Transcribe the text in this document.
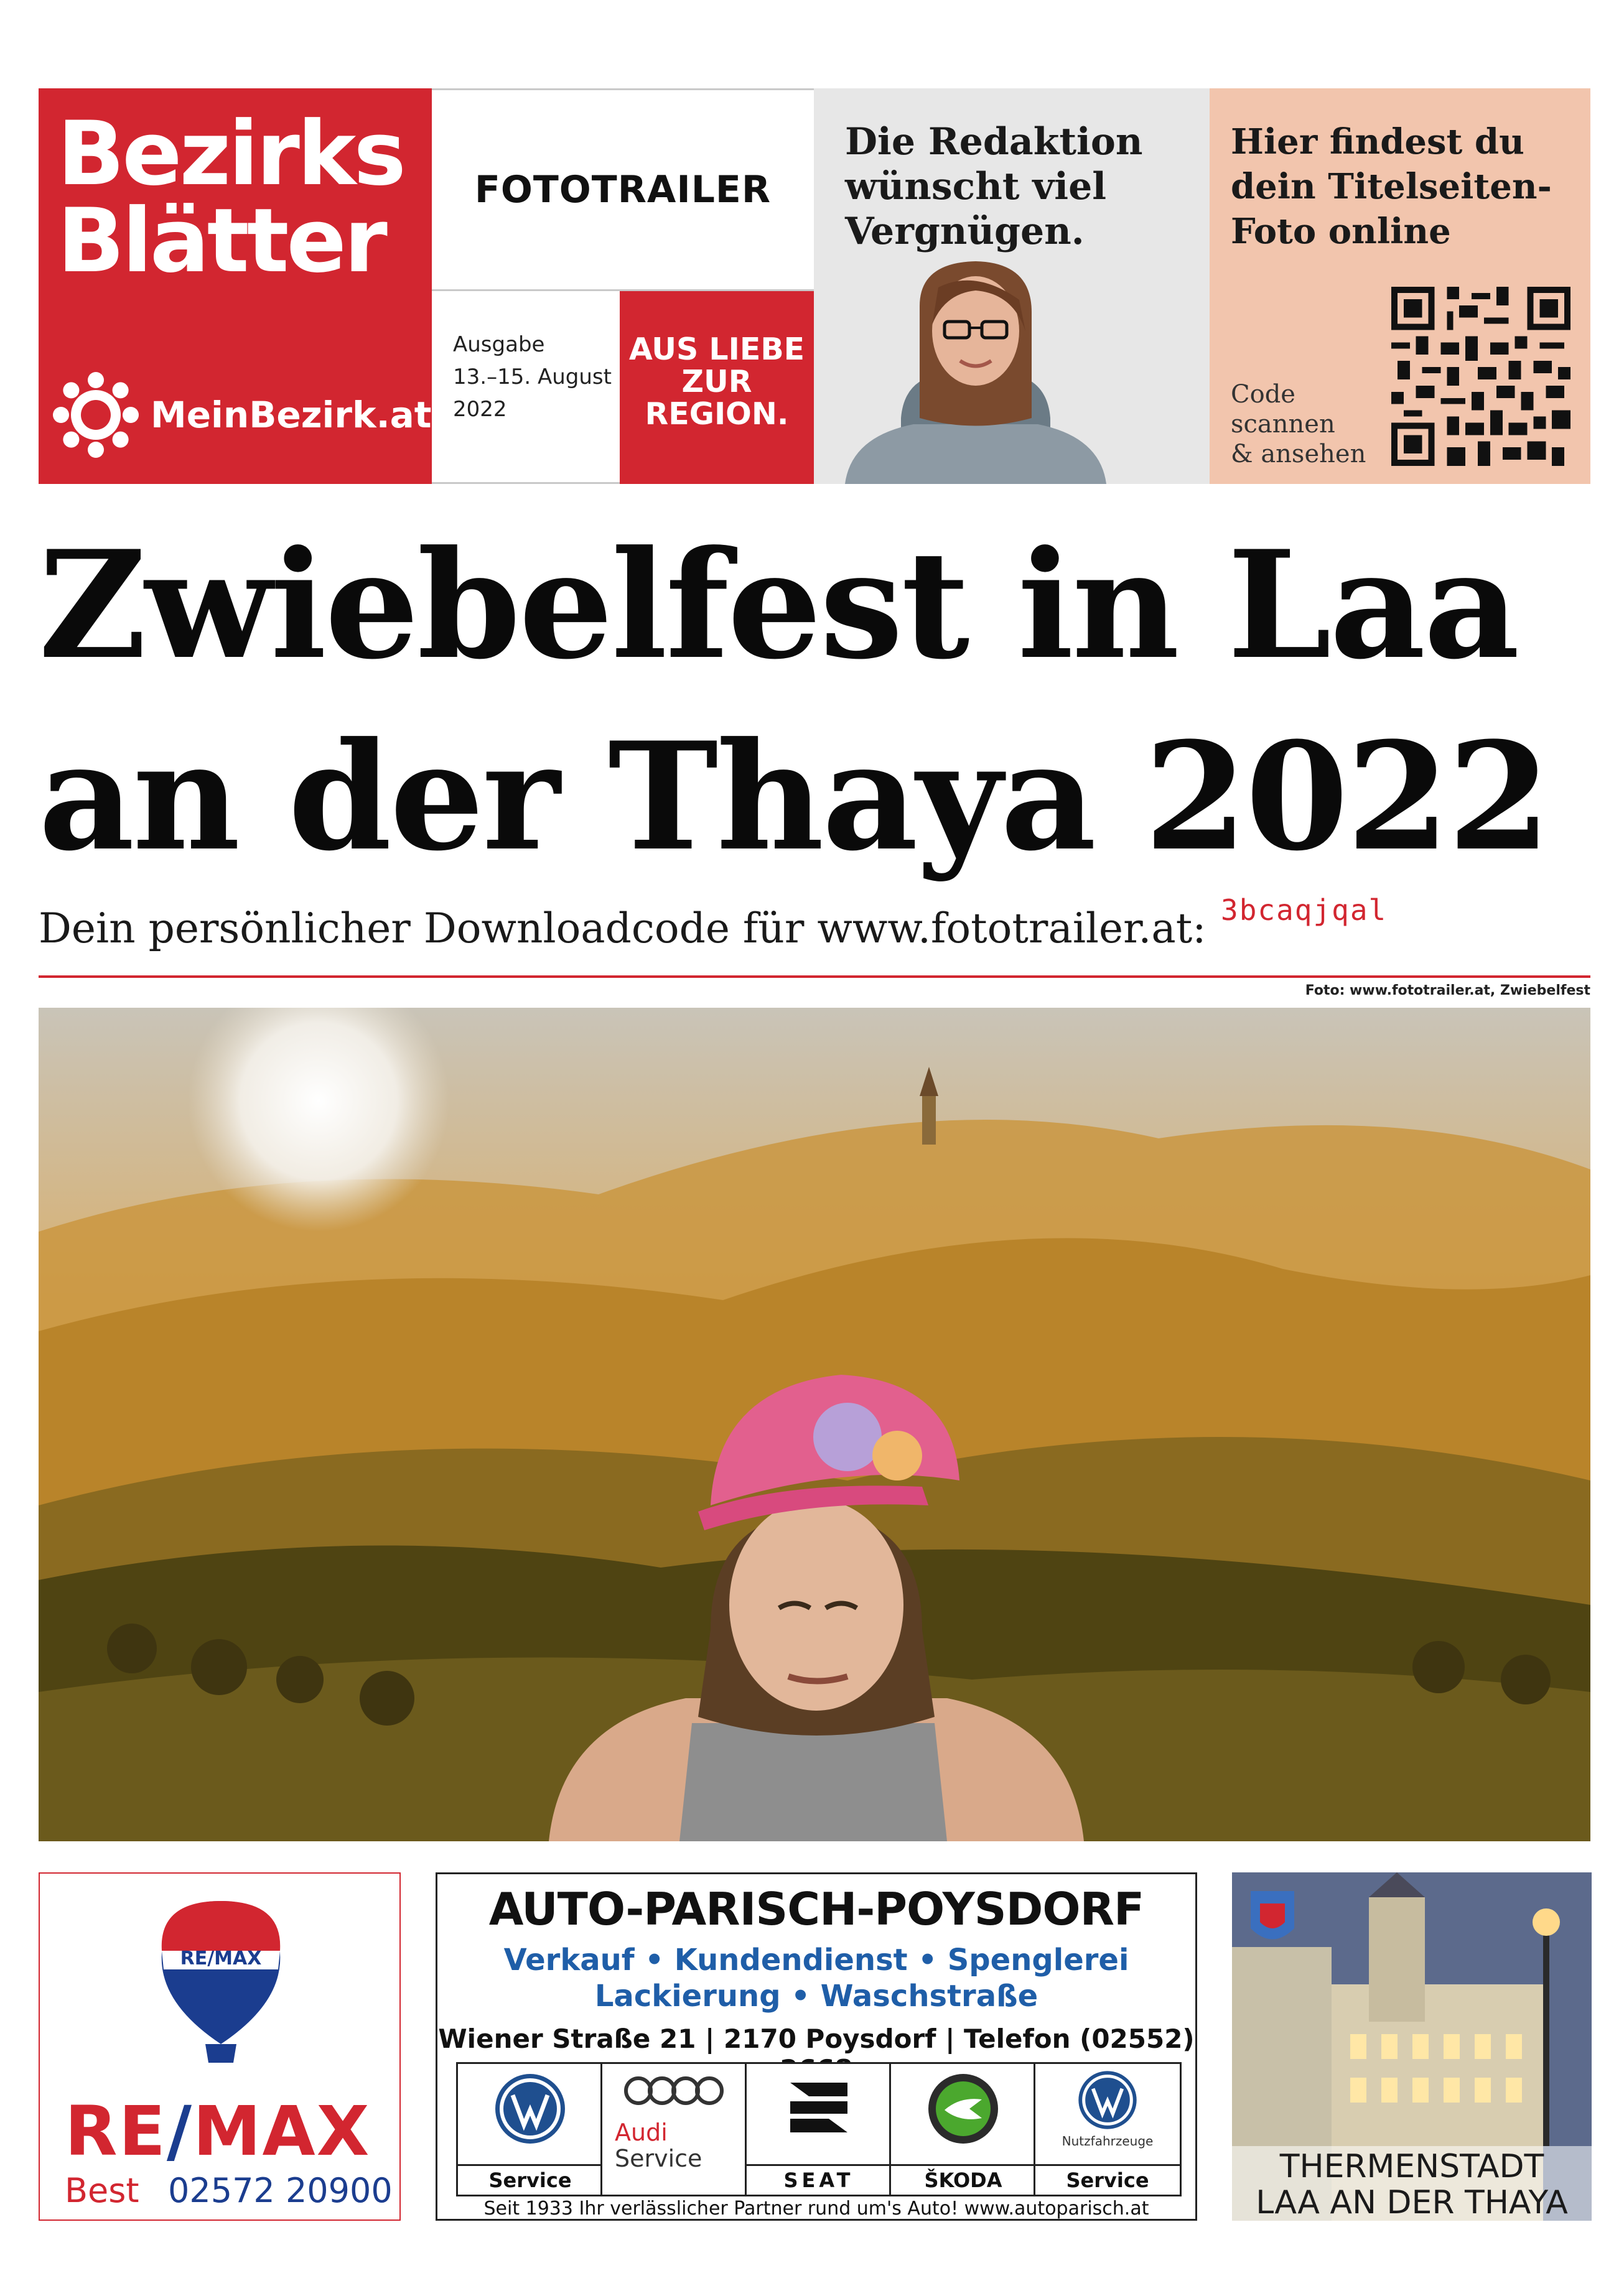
Bezirks
Blätter
MeinBezirk.at
FOTOTRAILER
Ausgabe
13.–15. August
2022
AUS LIEBE
ZUR
REGION.
Die Redaktion
wünscht viel
Vergnügen.
Hier findest du
dein Titelseiten-
Foto online
Code
scannen
& ansehen
Zwiebelfest in Laa
an der Thaya 2022
Dein persönlicher Downloadcode für www.fototrailer.at: 3bcaqjqal
Foto: www.fototrailer.at, Zwiebelfest
RE/MAX
RE/MAX
Best 02572 20900
AUTO-PARISCH-POYSDORF
Verkauf • Kundendienst • Spenglerei
Lackierung • Waschstraße
Wiener Straße 21 | 2170 Poysdorf | Telefon (02552)
Service
Audi
Service
SEAT	ŠKODA
Nutzfahrzeuge
Service
Seit 1933 Ihr verlässlicher Partner rund um's Auto! www.autoparisch.at
THERMENSTADT
LAA AN DER THAYA
